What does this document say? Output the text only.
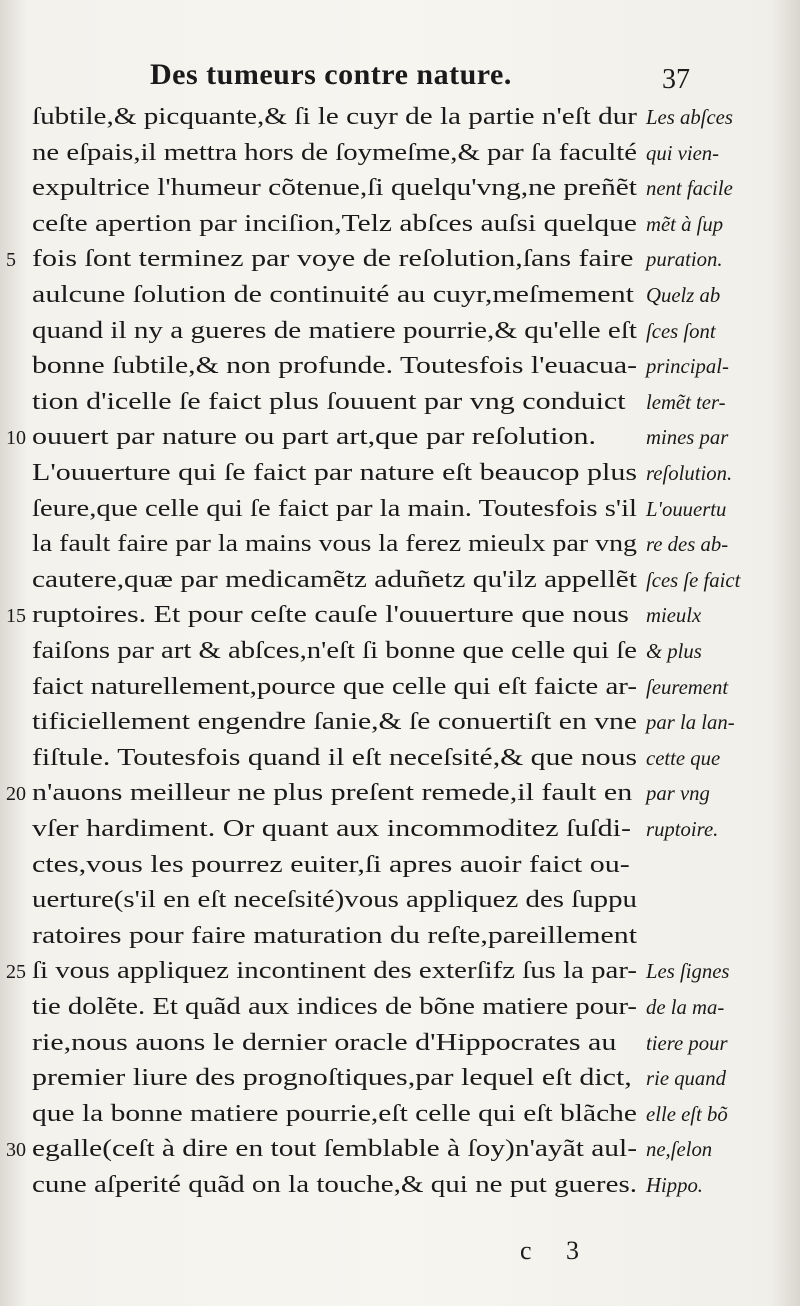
Des tumeurs contre nature.	37
ſubtile,& picquante,& ſi le cuyr de la partie n'eſt dur
ne eſpais,il mettra hors de ſoymeſme,& par ſa faculté
expultrice l'humeur cõtenue,ſi quelqu'vng,ne preñẽt
ceſte apertion par inciſion,Telz abſces auſsi quelque
5 fois ſont terminez par voye de reſolution,ſans faire
aulcune ſolution de continuité au cuyr,meſmement
quand il ny a gueres de matiere pourrie,& qu'elle eſt
bonne ſubtile,& non profunde. Toutesfois l'euacua-
tion d'icelle ſe faict plus ſouuent par vng conduict
10 ouuert par nature ou part art,que par reſolution.
L'ouuerture qui ſe faict par nature eſt beaucop plus
ſeure,que celle qui ſe faict par la main. Toutesfois s'il
la fault faire par la mains vous la ferez mieulx par vng
cautere,quæ par medicamẽtz aduñetz qu'ilz appellẽt
15 ruptoires. Et pour ceſte cauſe l'ouuerture que nous
faiſons par art & abſces,n'eſt ſi bonne que celle qui ſe
faict naturellement,pource que celle qui eſt faicte ar-
tificiellement engendre ſanie,& ſe conuertiſt en vne
fiſtule. Toutesfois quand il eſt neceſsité,& que nous
20 n'auons meilleur ne plus preſent remede,il fault en
vſer hardiment. Or quant aux incommoditez ſuſdi-
ctes,vous les pourrez euiter,ſi apres auoir faict ou-
uerture(s'il en eſt neceſsité)vous appliquez des ſuppu
ratoires pour faire maturation du reſte,pareillement
25 ſi vous appliquez incontinent des exterſifz ſus la par-
tie dolẽte. Et quãd aux indices de bõne matiere pour-
rie,nous auons le dernier oracle d'Hippocrates au
premier liure des prognoſtiques,par lequel eſt dict,
que la bonne matiere pourrie,eſt celle qui eſt blãche
30 egalle(ceſt à dire en tout ſemblable à ſoy)n'ayãt aul-
cune aſperité quãd on la touche,& qui ne put gueres.
Les abſces
qui vien-
nent facile
mẽt à ſup
puration.
Quelz ab
ſces ſont
principal-
lemẽt ter-
mines par
reſolution.
L'ouuertu
re des ab-
ſces ſe faict
mieulx
& plus
ſeurement
par la lan-
cette que
par vng
ruptoire.
Les ſignes
de la ma-
tiere pour
rie quand
elle eſt bõ
ne,ſelon
Hippo.
c 3
